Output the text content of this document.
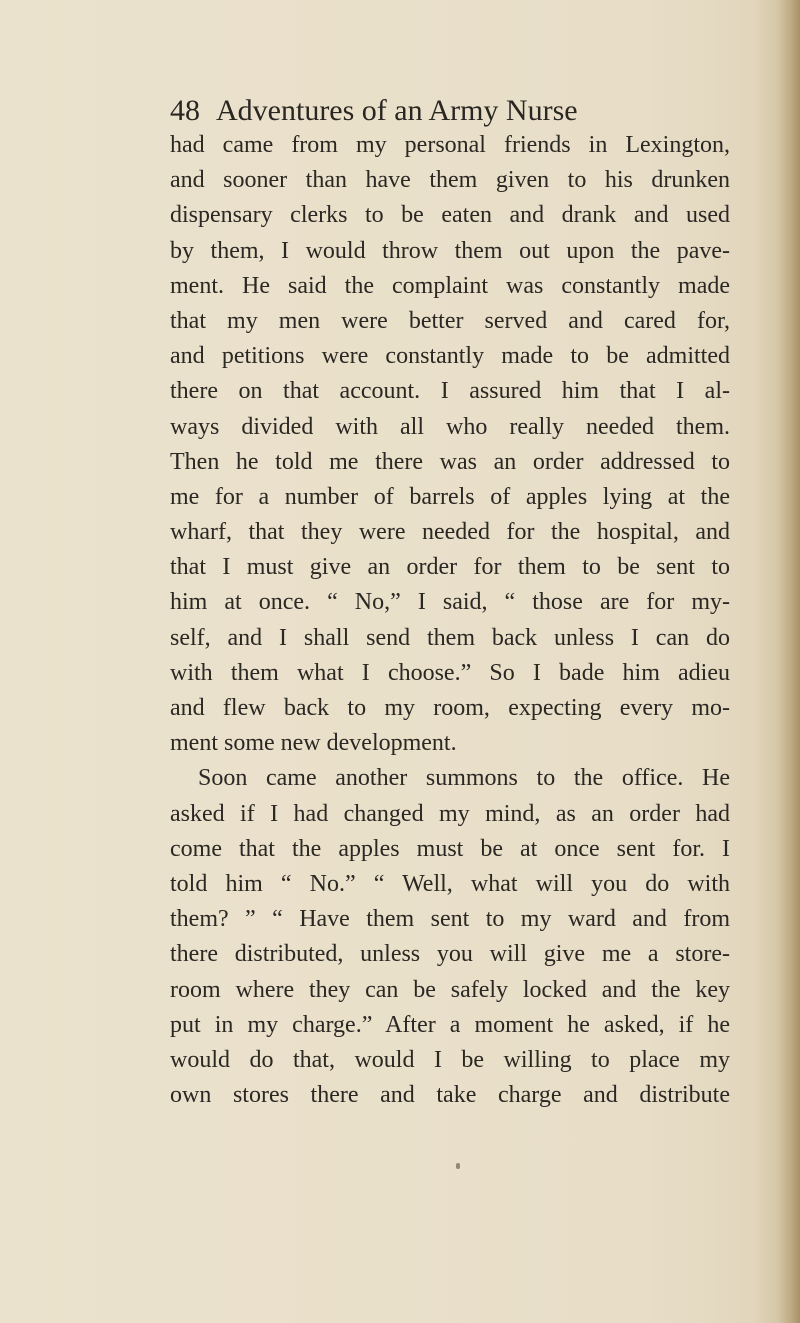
48 Adventures of an Army Nurse
had came from my personal friends in Lexington,
and sooner than have them given to his drunken
dispensary clerks to be eaten and drank and used
by them, I would throw them out upon the pave-
ment. He said the complaint was constantly made
that my men were better served and cared for,
and petitions were constantly made to be admitted
there on that account. I assured him that I al-
ways divided with all who really needed them.
Then he told me there was an order addressed to
me for a number of barrels of apples lying at the
wharf, that they were needed for the hospital, and
that I must give an order for them to be sent to
him at once. “ No,” I said, “ those are for my-
self, and I shall send them back unless I can do
with them what I choose.” So I bade him adieu
and flew back to my room, expecting every mo-
ment some new development.
Soon came another summons to the office. He
asked if I had changed my mind, as an order had
come that the apples must be at once sent for. I
told him “ No.” “ Well, what will you do with
them? ” “ Have them sent to my ward and from
there distributed, unless you will give me a store-
room where they can be safely locked and the key
put in my charge.” After a moment he asked, if he
would do that, would I be willing to place my
own stores there and take charge and distribute
